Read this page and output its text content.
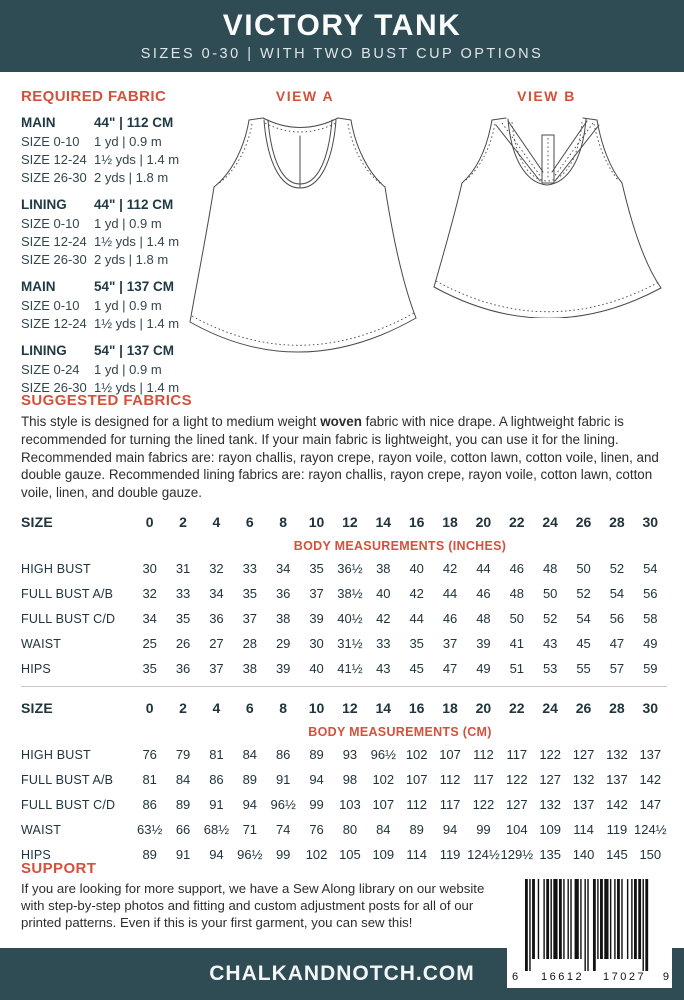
VICTORY TANK
SIZES 0-30 | WITH TWO BUST CUP OPTIONS
REQUIRED FABRIC
MAIN	44" | 112 CM
SIZE 0-10	1 yd | 0.9 m
SIZE 12-24 1½ yds | 1.4 m
SIZE 26-30 2 yds | 1.8 m
LINING	44" | 112 CM
SIZE 0-10	1 yd | 0.9 m
SIZE 12-24 1½ yds | 1.4 m
SIZE 26-30 2 yds | 1.8 m
MAIN	54" | 137 CM
SIZE 0-10	1 yd | 0.9 m
SIZE 12-24 1½ yds | 1.4 m
LINING	54" | 137 CM
SIZE 0-24	1 yd | 0.9 m
SIZE 26-30 1½ yds | 1.4 m
VIEW A	VIEW B
SUGGESTED FABRICS

This style is designed for a light to medium weight woven fabric with nice drape. A lightweight fabric is recommended for turning the lined tank. If your main fabric is lightweight, you can use it for the lining. Recommended main fabrics are: rayon challis, rayon crepe, rayon voile, cotton lawn, cotton voile, linen, and double gauze. Recommended lining fabrics are: rayon challis, rayon crepe, rayon voile, cotton lawn, cotton voile, linen, and double gauze.

SIZE	0	2	4	6	8	10	12	14	16	18	20	22	24	26	28	30
	BODY MEASUREMENTS (INCHES)															
HIGH BUST	30	31	32	33	34	35	36½	38	40	42	44	46	48	50	52	54
FULL BUST A/B	32	33	34	35	36	37	38½	40	42	44	46	48	50	52	54	56
FULL BUST C/D	34	35	36	37	38	39	40½	42	44	46	48	50	52	54	56	58
WAIST	25	26	27	28	29	30	31½	33	35	37	39	41	43	45	47	49
HIPS	35	36	37	38	39	40	41½	43	45	47	49	51	53	55	57	59
SIZE	0	2	4	6	8	10	12	14	16	18	20	22	24	26	28	30
	BODY MEASUREMENTS (CM)															
HIGH BUST	76	79	81	84	86	89	93	96½	102	107	112	117	122	127	132	137
FULL BUST A/B	81	84	86	89	91	94	98	102	107	112	117	122	127	132	137	142
FULL BUST C/D	86	89	91	94	96½	99	103	107	112	117	122	127	132	137	142	147
WAIST	63½	66	68½	71	74	76	80	84	89	94	99	104	109	114	119	124½
HIPS	89	91	94	96½	99	102	105	109	114	119	124½	129½	135	140	145	150
SUPPORT

If you are looking for more support, we have a Sew Along library on our website with step-by-step photos and fitting and custom adjustment posts for all of our printed patterns. Even if this is your first garment, you can sew this!

CHALKANDNOTCH.COM	6 16612 17027 9
